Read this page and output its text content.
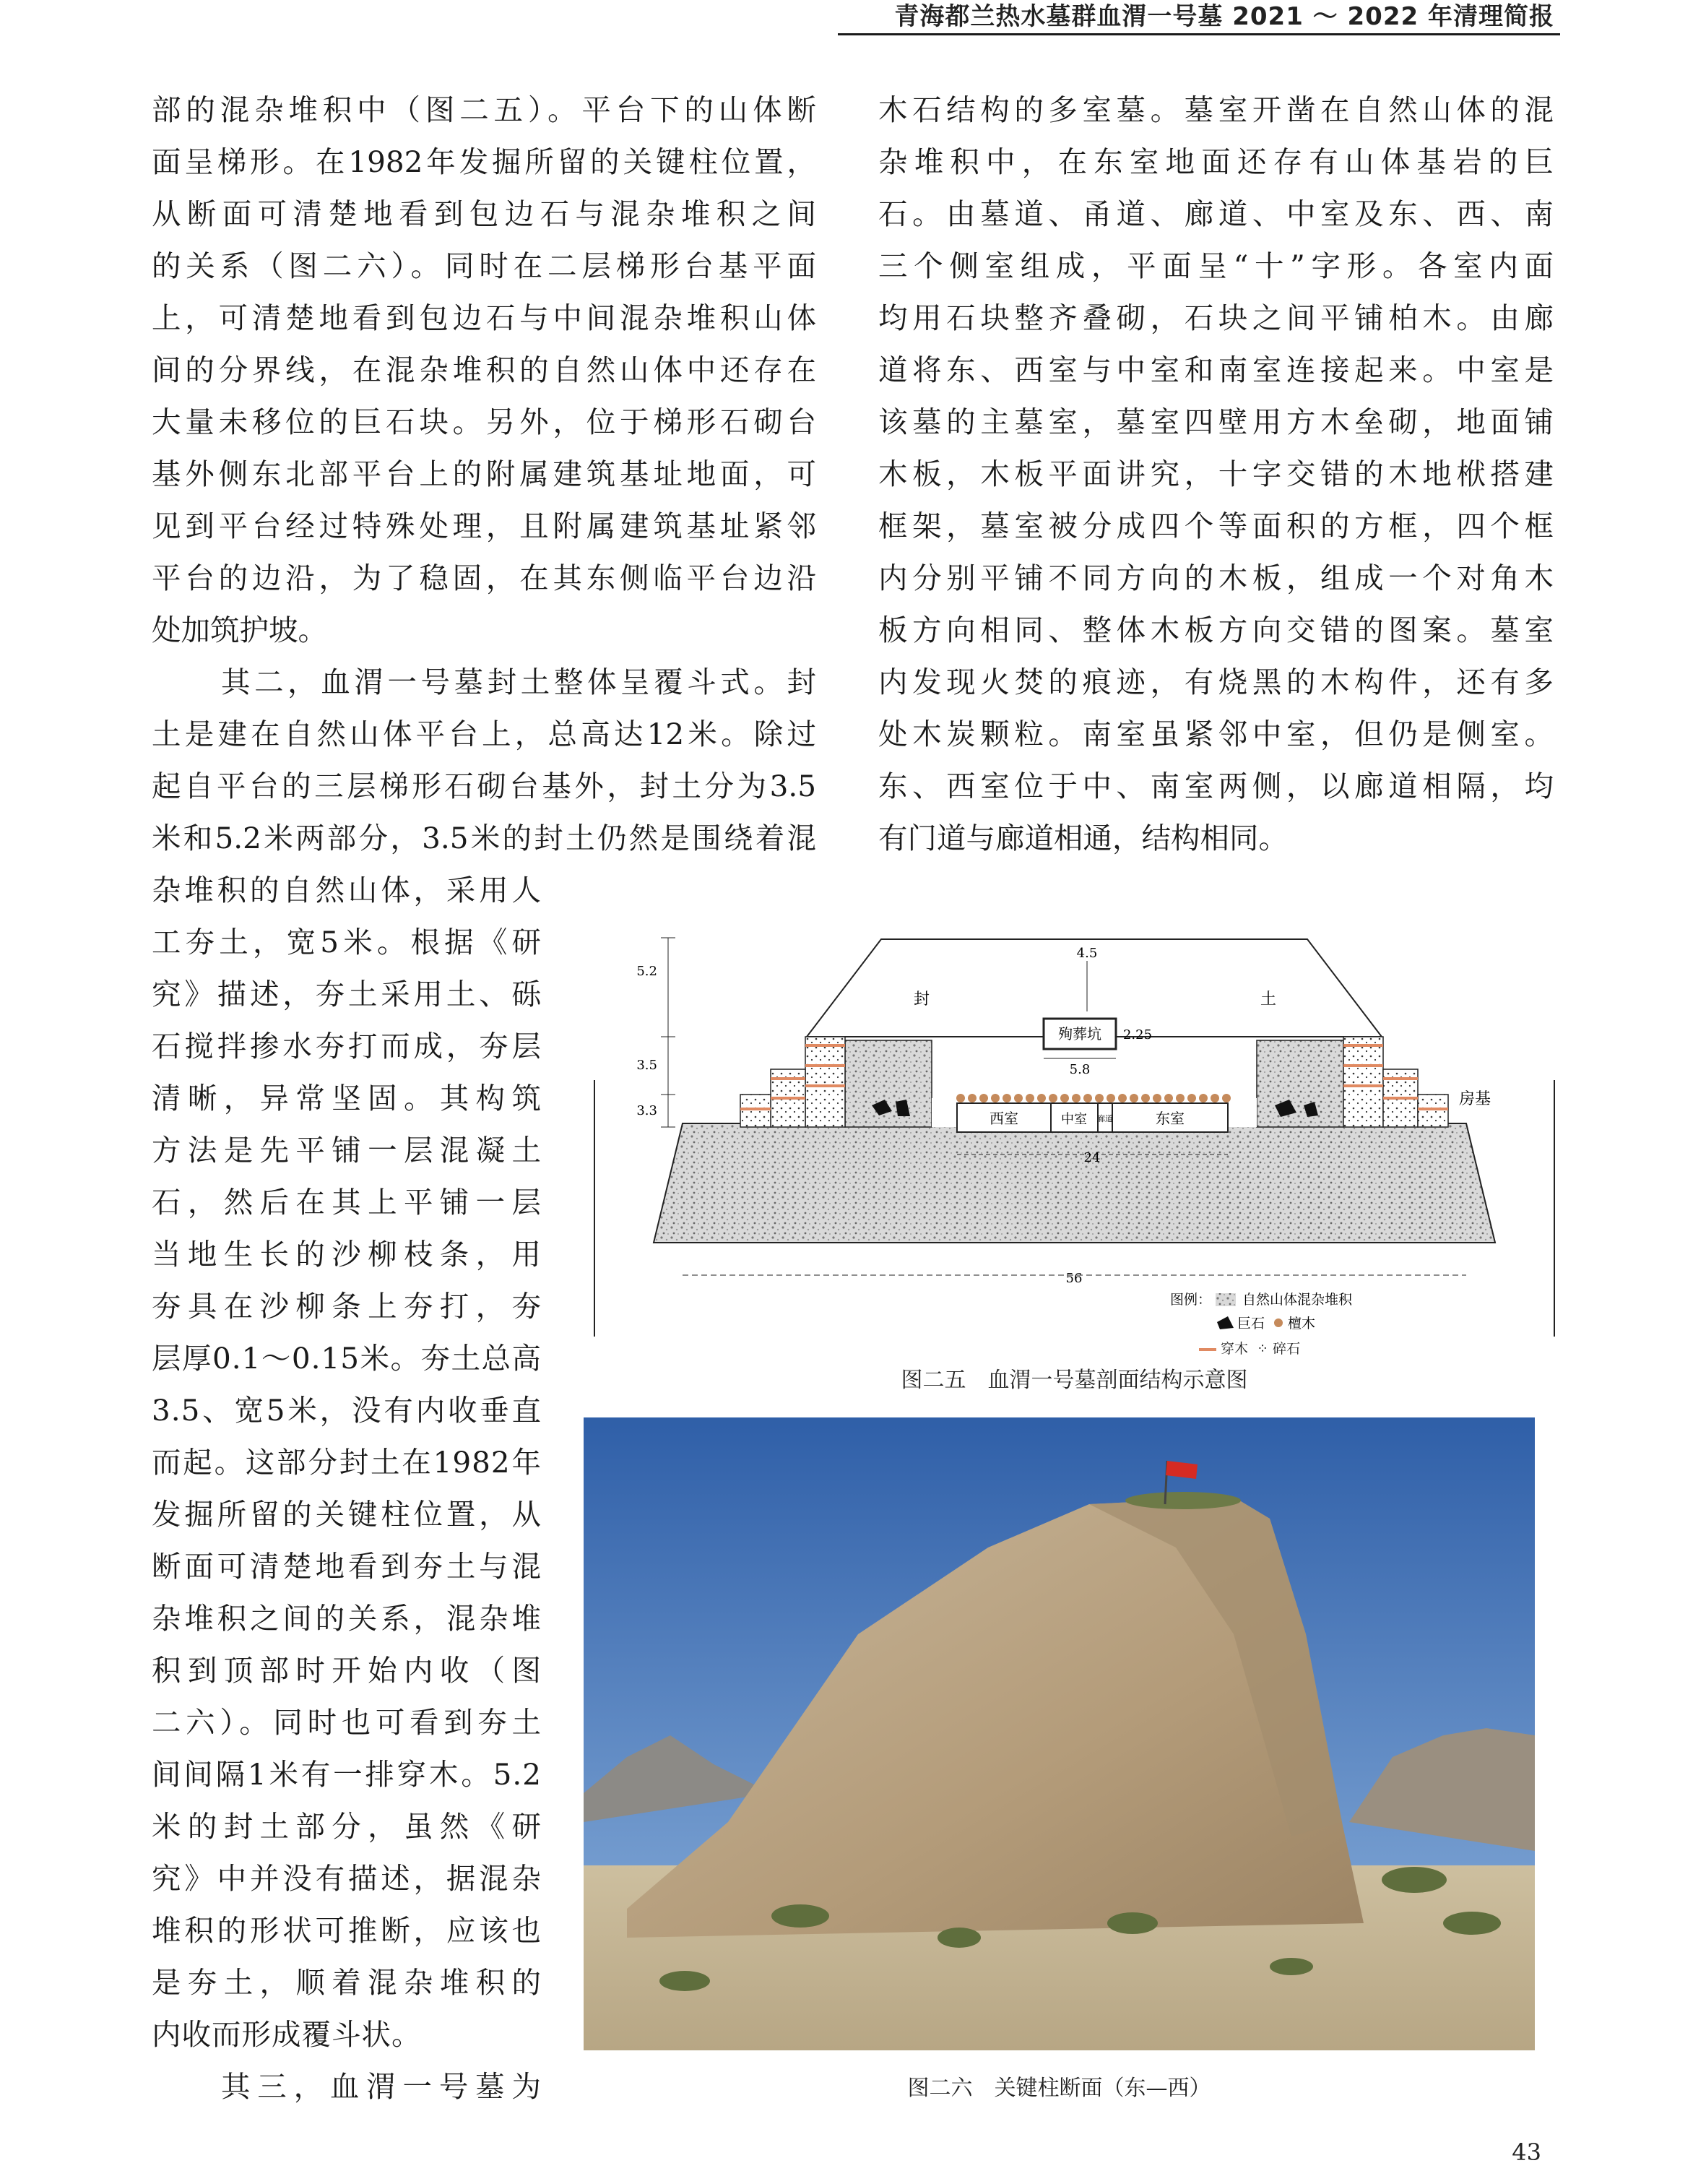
青海都兰热水墓群血渭一号墓 2021 ～ 2022 年清理简报

部的混杂堆积中（图二五）。平台下的山体断
面呈梯形。在1982年发掘所留的关键柱位置，
从断面可清楚地看到包边石与混杂堆积之间
的关系（图二六）。同时在二层梯形台基平面
上，可清楚地看到包边石与中间混杂堆积山体
间的分界线，在混杂堆积的自然山体中还存在
大量未移位的巨石块。另外，位于梯形石砌台
基外侧东北部平台上的附属建筑基址地面，可
见到平台经过特殊处理，且附属建筑基址紧邻
平台的边沿，为了稳固，在其东侧临平台边沿
处加筑护坡。
其二，血渭一号墓封土整体呈覆斗式。封
土是建在自然山体平台上，总高达12米。除过
起自平台的三层梯形石砌台基外，封土分为3.5
米和5.2米两部分，3.5米的封土仍然是围绕着混

杂堆积的自然山体，采用人
工夯土，宽5米。根据《研
究》描述，夯土采用土、砾
石搅拌掺水夯打而成，夯层
清晰，异常坚固。其构筑
方法是先平铺一层混凝土
石，然后在其上平铺一层
当地生长的沙柳枝条，用
夯具在沙柳条上夯打，夯
层厚0.1～0.15米。夯土总高
3.5、宽5米，没有内收垂直
而起。这部分封土在1982年
发掘所留的关键柱位置，从
断面可清楚地看到夯土与混
杂堆积之间的关系，混杂堆
积到顶部时开始内收（图
二六）。同时也可看到夯土
间间隔1米有一排穿木。5.2
米的封土部分，虽然《研
究》中并没有描述，据混杂
堆积的形状可推断，应该也
是夯土，顺着混杂堆积的
内收而形成覆斗状。
其三，血渭一号墓为

木石结构的多室墓。墓室开凿在自然山体的混
杂堆积中，在东室地面还存有山体基岩的巨
石。由墓道、甬道、廊道、中室及东、西、南
三个侧室组成，平面呈“十”字形。各室内面
均用石块整齐叠砌，石块之间平铺柏木。由廊
道将东、西室与中室和南室连接起来。中室是
该墓的主墓室，墓室四壁用方木垒砌，地面铺
木板，木板平面讲究，十字交错的木地栿搭建
框架，墓室被分成四个等面积的方框，四个框
内分别平铺不同方向的木板，组成一个对角木
板方向相同、整体木板方向交错的图案。墓室
内发现火焚的痕迹，有烧黑的木构件，还有多
处木炭颗粒。南室虽紧邻中室，但仍是侧室。
东、西室位于中、南室两侧，以廊道相隔，均
有门道与廊道相通，结构相同。

西室	中室 廊道	东室
殉葬坑
封	土
房基
5.2
3.5
3.3
4.5
2.25
5.8
24
56
图例： 自然山体混杂堆积
巨石 檀木
穿木 ⁘ 碎石
图二五　血渭一号墓剖面结构示意图
图二六　关键柱断面（东—西）
43
